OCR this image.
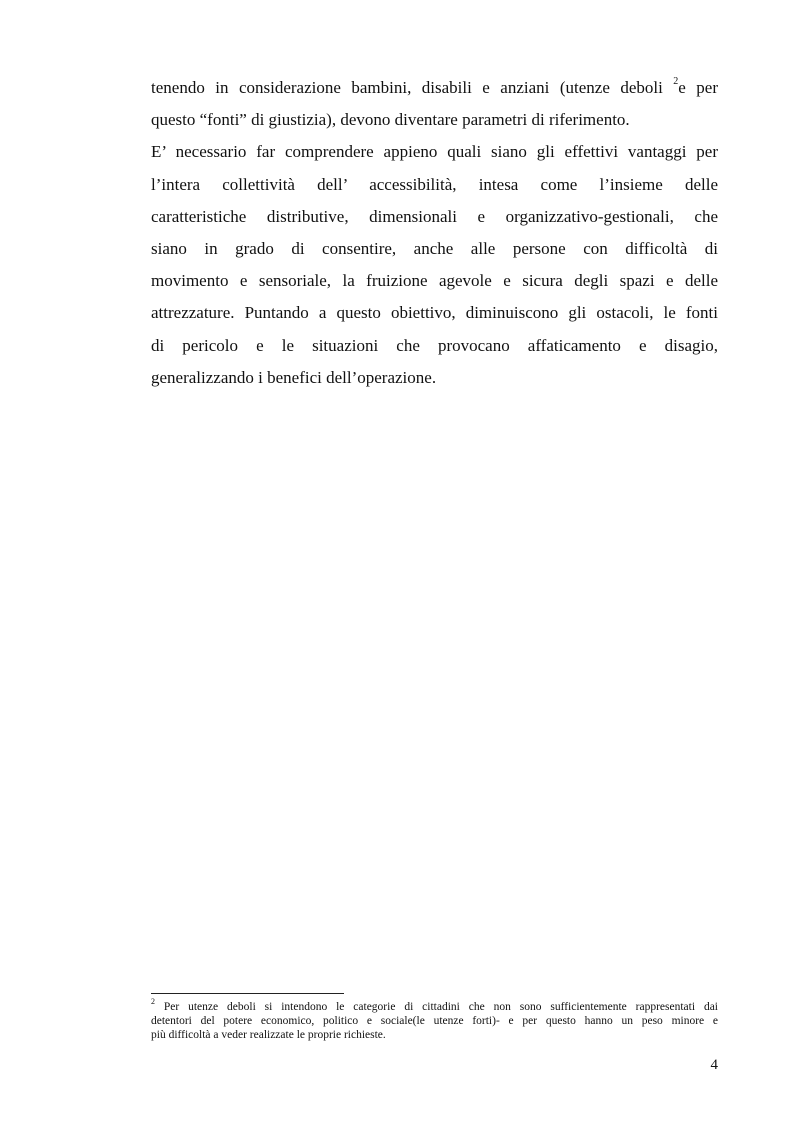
tenendo in considerazione bambini, disabili e anziani (utenze deboli $^2$e per
questo “fonti” di giustizia), devono diventare parametri di riferimento.
E’ necessario far comprendere appieno quali siano gli effettivi vantaggi per
l’intera collettività dell’ accessibilità, intesa come l’insieme delle
caratteristiche distributive, dimensionali e organizzativo-gestionali, che
siano in grado di consentire, anche alle persone con difficoltà di
movimento e sensoriale, la fruizione agevole e sicura degli spazi e delle
attrezzature. Puntando a questo obiettivo, diminuiscono gli ostacoli, le fonti
di pericolo e le situazioni che provocano affaticamento e disagio,
generalizzando i benefici dell’operazione.
$^2$ Per utenze deboli si intendono le categorie di cittadini che non sono sufficientemente rappresentati dai
detentori del potere economico, politico e sociale(le utenze forti)- e per questo hanno un peso minore e
più difficoltà a veder realizzate le proprie richieste.
4
